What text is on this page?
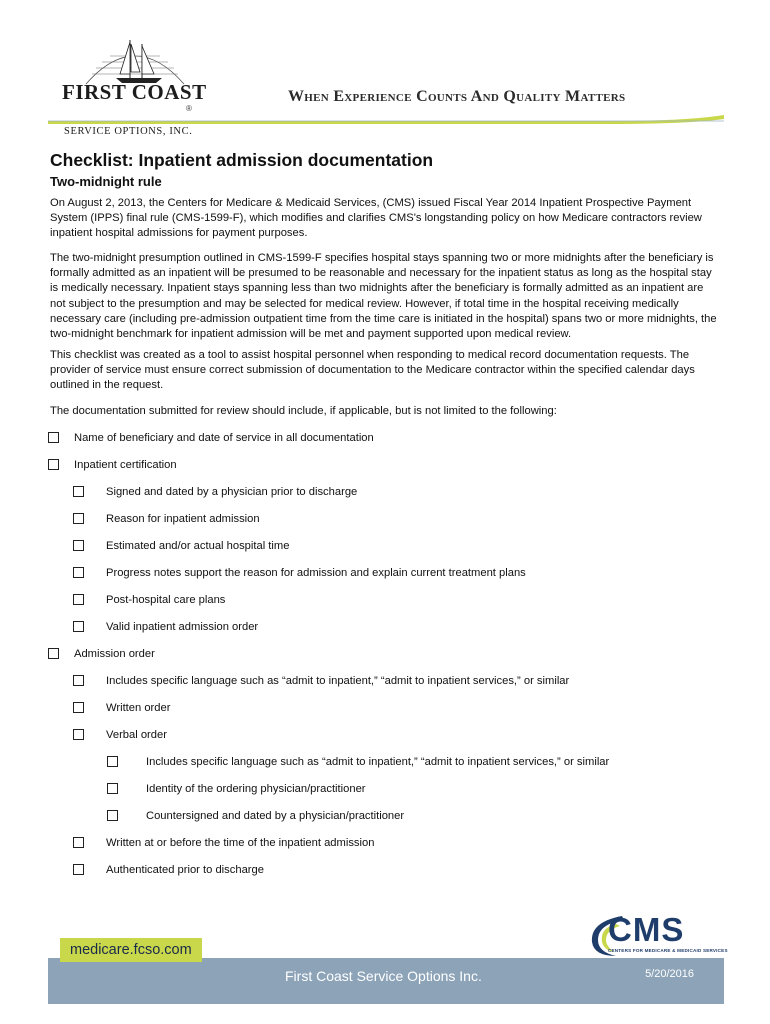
FIRST COAST
®
SERVICE OPTIONS, INC.
When Experience Counts And Quality Matters
Checklist: Inpatient admission documentation
Two-midnight rule
On August 2, 2013, the Centers for Medicare & Medicaid Services, (CMS) issued Fiscal Year 2014 Inpatient Prospective Payment System (IPPS) final rule (CMS-1599-F), which modifies and clarifies CMS's longstanding policy on how Medicare contractors review inpatient hospital admissions for payment purposes.
The two-midnight presumption outlined in CMS-1599-F specifies hospital stays spanning two or more midnights after the beneficiary is formally admitted as an inpatient will be presumed to be reasonable and necessary for the inpatient status as long as the hospital stay is medically necessary. Inpatient stays spanning less than two midnights after the beneficiary is formally admitted as an inpatient are not subject to the presumption and may be selected for medical review. However, if total time in the hospital receiving medically necessary care (including pre-admission outpatient time from the time care is initiated in the hospital) spans two or more midnights, the two-midnight benchmark for inpatient admission will be met and payment supported upon medical review.
This checklist was created as a tool to assist hospital personnel when responding to medical record documentation requests. The provider of service must ensure correct submission of documentation to the Medicare contractor within the specified calendar days outlined in the request.
The documentation submitted for review should include, if applicable, but is not limited to the following:
Name of beneficiary and date of service in all documentation
Inpatient certification
Signed and dated by a physician prior to discharge
Reason for inpatient admission
Estimated and/or actual hospital time
Progress notes support the reason for admission and explain current treatment plans
Post-hospital care plans
Valid inpatient admission order
Admission order
Includes specific language such as “admit to inpatient,” “admit to inpatient services,” or similar
Written order
Verbal order
Includes specific language such as “admit to inpatient,” “admit to inpatient services,” or similar
Identity of the ordering physician/practitioner
Countersigned and dated by a physician/practitioner
Written at or before the time of the inpatient admission
Authenticated prior to discharge
CMS
CENTERS FOR MEDICARE & MEDICAID SERVICES
First Coast Service Options Inc.	5/20/2016
medicare.fcso.com
